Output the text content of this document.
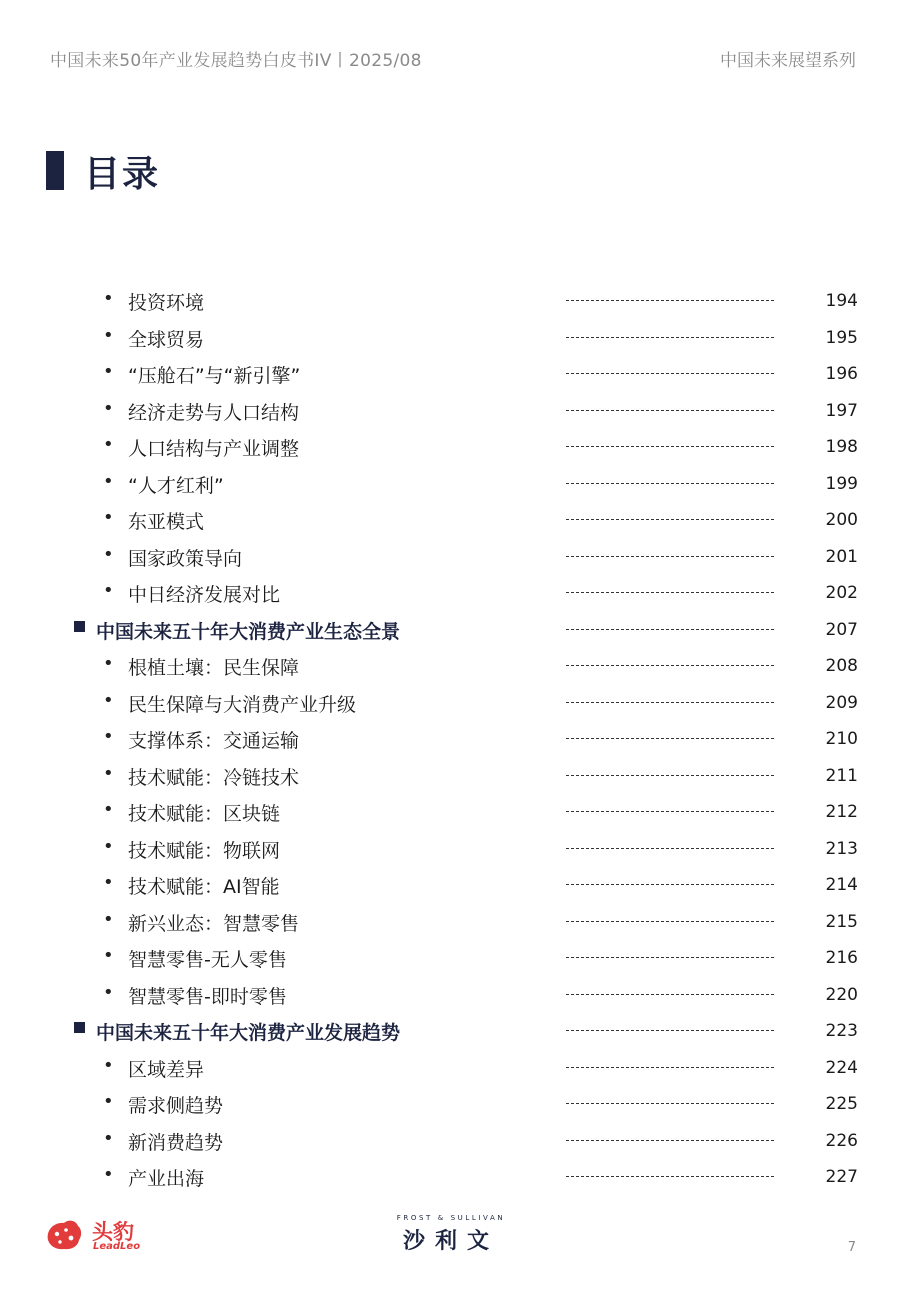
中国未来50年产业发展趋势白皮书IV丨2025/08	中国未来展望系列
目录
• 投资环境	194
• 全球贸易	195
• “压舱石”与“新引擎”	196
• 经济走势与人口结构	197
• 人口结构与产业调整	198
• “人才红利”	199
• 东亚模式	200
• 国家政策导向	201
• 中日经济发展对比	202
中国未来五十年大消费产业生态全景	207
• 根植土壤：民生保障	208
• 民生保障与大消费产业升级	209
• 支撑体系：交通运输	210
• 技术赋能：冷链技术	211
• 技术赋能：区块链	212
• 技术赋能：物联网	213
• 技术赋能：AI智能	214
• 新兴业态：智慧零售	215
• 智慧零售-无人零售	216
• 智慧零售-即时零售	220
中国未来五十年大消费产业发展趋势	223
• 区域差异	224
• 需求侧趋势	225
• 新消费趋势	226
• 产业出海	227
头豹
LeadLeo
FROST & SULLIVAN
沙利文	7
